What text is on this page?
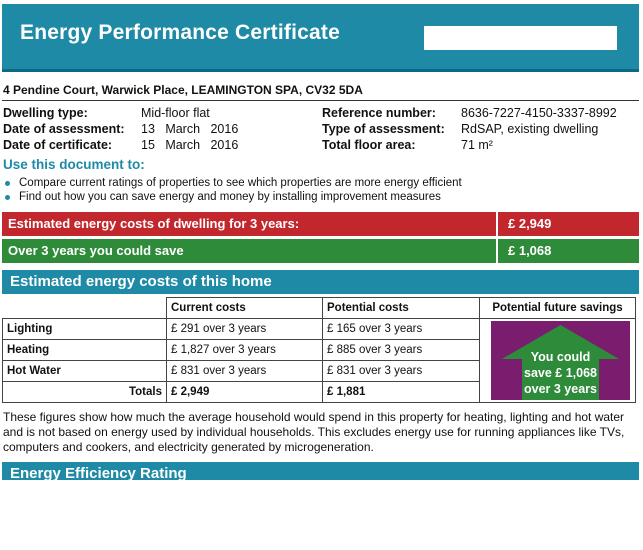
Energy Performance Certificate
4 Pendine Court, Warwick Place, LEAMINGTON SPA, CV32 5DA
Dwelling type:	Mid-floor flat
Date of assessment: 13   March   2016
Date of certificate: 15   March   2016
Reference number: 8636-7227-4150-3337-8992
Type of assessment: RdSAP, existing dwelling
Total floor area:	71 m²
Use this document to:
Compare current ratings of properties to see which properties are more energy efficient
Find out how you can save energy and money by installing improvement measures
Estimated energy costs of dwelling for 3 years:	£ 2,949
Over 3 years you could save	£ 1,068
Estimated energy costs of this home
	Current costs	Potential costs	Potential future savings
Lighting	£ 291 over 3 years	£ 165 over 3 years	
Heating	£ 1,827 over 3 years	£ 885 over 3 years	
Hot Water	£ 831 over 3 years	£ 831 over 3 years	
Totals	£ 2,949	£ 1,881	
You could
save £ 1,068
over 3 years
These figures show how much the average household would spend in this property for heating, lighting and hot water and is not based on energy used by individual households. This excludes energy use for running appliances like TVs, computers and cookers, and electricity generated by microgeneration.
Energy Efficiency Rating
